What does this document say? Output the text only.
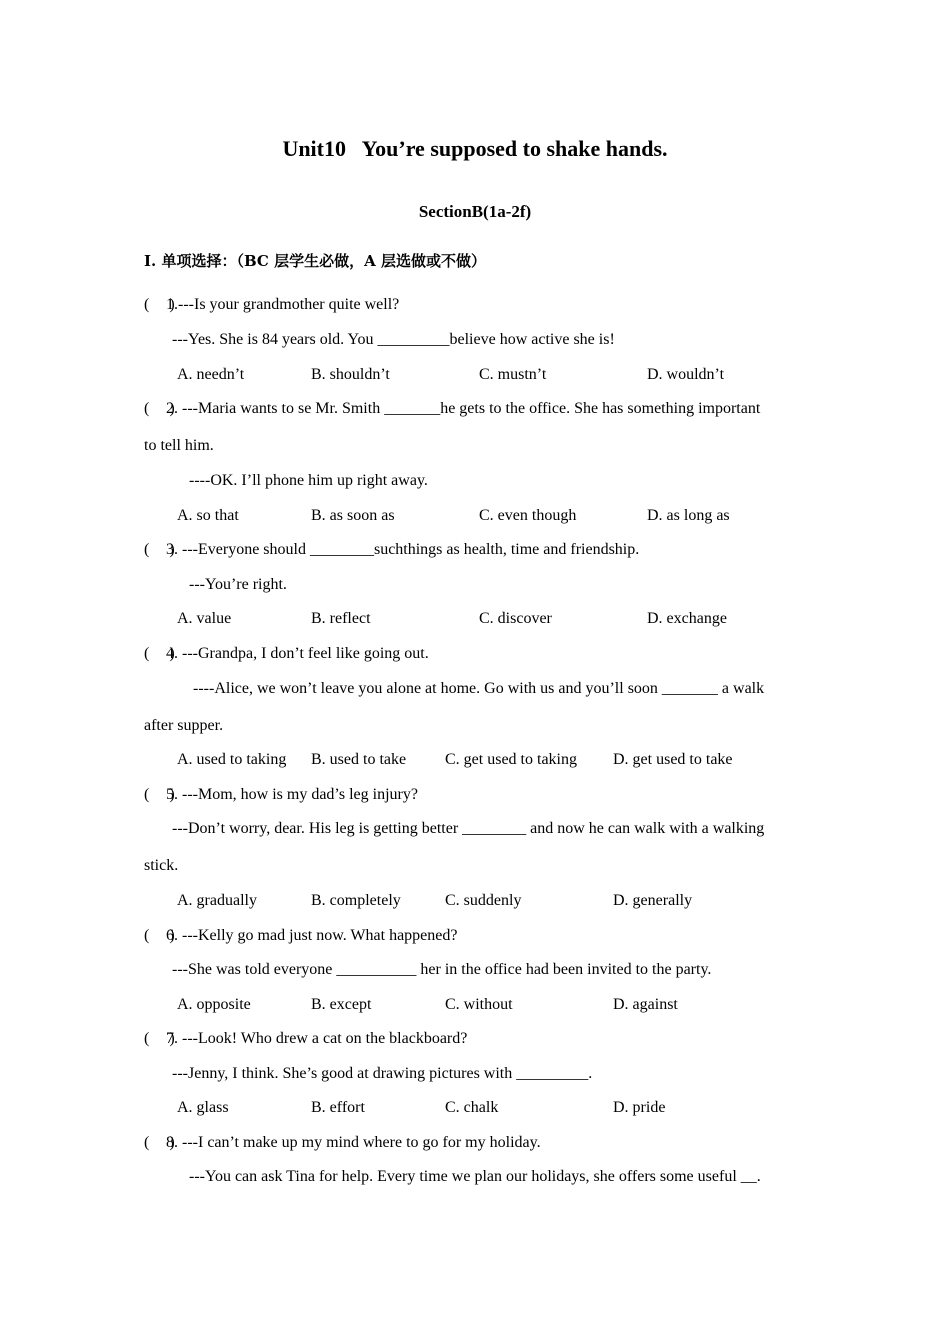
Unit10   You’re supposed to shake hands.
SectionB(1a-2f)
I. 单项选择：（BC 层学生必做，A 层选做或不做）
(     )1.---Is your grandmother quite well?
---Yes. She is 84 years old. You _________believe how active she is!
A. needn’t	B. shouldn’t	C. mustn’t	D. wouldn’t
(     )2. ---Maria wants to se Mr. Smith _______he gets to the office. She has something important
to tell him.
----OK. I’ll phone him up right away.
A. so that	B. as soon as	C. even though	D. as long as
(     )3. ---Everyone should ________suchthings as health, time and friendship.
---You’re right.
A. value	B. reflect	C. discover	D. exchange
(     )4. ---Grandpa, I don’t feel like going out.
----Alice, we won’t leave you alone at home. Go with us and you’ll soon _______ a walk
after supper.
A. used to taking B. used to take C. get used to taking D. get used to take
(     )5. ---Mom, how is my dad’s leg injury?
---Don’t worry, dear. His leg is getting better ________ and now he can walk with a walking
stick.
A. gradually	B. completely	C. suddenly	D. generally
(     )6. ---Kelly go mad just now. What happened?
---She was told everyone __________ her in the office had been invited to the party.
A. opposite	B. except	C. without	D. against
(     )7. ---Look! Who drew a cat on the blackboard?
---Jenny, I think. She’s good at drawing pictures with _________.
A. glass	B. effort	C. chalk	D. pride
(     )8. ---I can’t make up my mind where to go for my holiday.
---You can ask Tina for help. Every time we plan our holidays, she offers some useful __.
